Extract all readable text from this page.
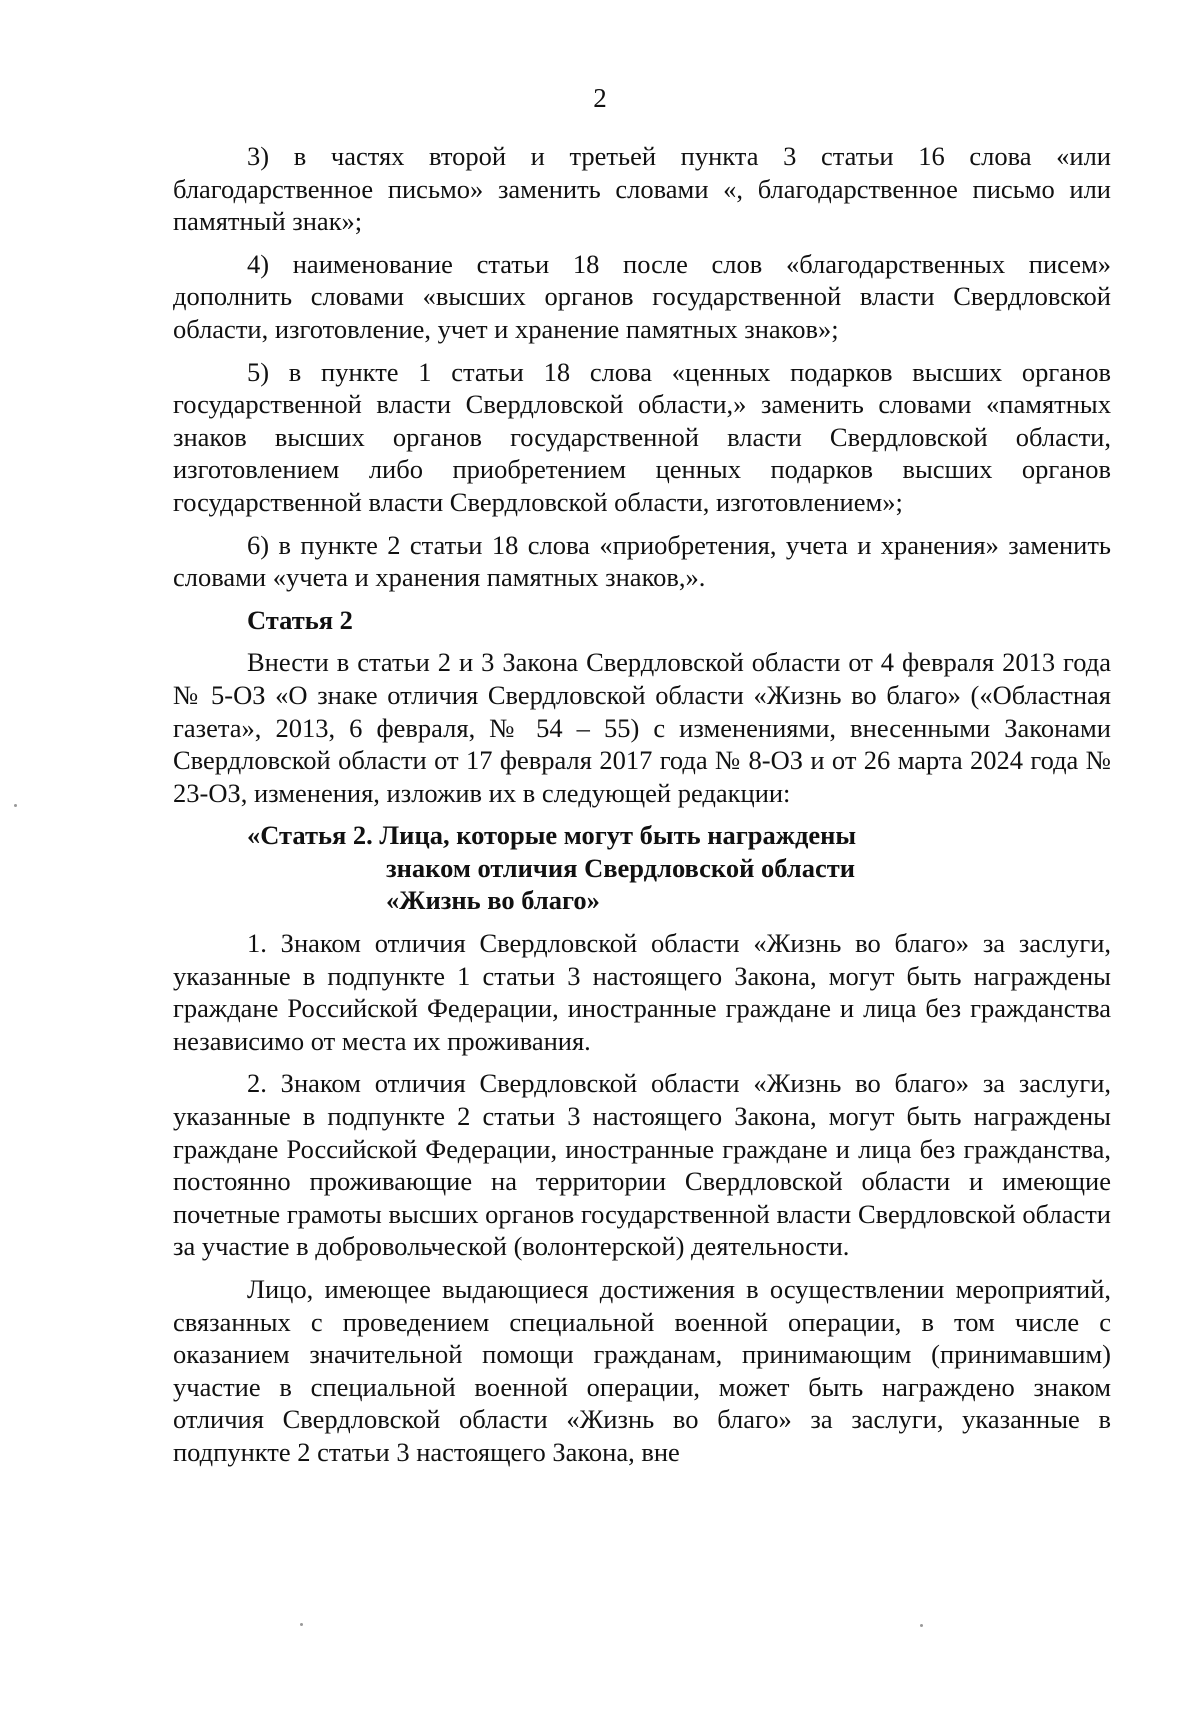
2

3) в частях второй и третьей пункта 3 статьи 16 слова «или благодарственное письмо» заменить словами «, благодарственное письмо или памятный знак»;

4) наименование статьи 18 после слов «благодарственных писем» дополнить словами «высших органов государственной власти Свердловской области, изготовление, учет и хранение памятных знаков»;

5) в пункте 1 статьи 18 слова «ценных подарков высших органов государственной власти Свердловской области,» заменить словами «памятных знаков высших органов государственной власти Свердловской области, изготовлением либо приобретением ценных подарков высших органов государственной власти Свердловской области, изготовлением»;

6) в пункте 2 статьи 18 слова «приобретения, учета и хранения» заменить словами «учета и хранения памятных знаков,».

Статья 2

Внести в статьи 2 и 3 Закона Свердловской области от 4 февраля 2013 года № 5-ОЗ «О знаке отличия Свердловской области «Жизнь во благо» («Областная газета», 2013, 6 февраля, № 54 – 55) с изменениями, внесенными Законами Свердловской области от 17 февраля 2017 года № 8-ОЗ и от 26 марта 2024 года № 23-ОЗ, изменения, изложив их в следующей редакции:

«Статья 2. Лица, которые могут быть награждены
знаком отличия Свердловской области
«Жизнь во благо»

1. Знаком отличия Свердловской области «Жизнь во благо» за заслуги, указанные в подпункте 1 статьи 3 настоящего Закона, могут быть награждены граждане Российской Федерации, иностранные граждане и лица без гражданства независимо от места их проживания.

2. Знаком отличия Свердловской области «Жизнь во благо» за заслуги, указанные в подпункте 2 статьи 3 настоящего Закона, могут быть награждены граждане Российской Федерации, иностранные граждане и лица без гражданства, постоянно проживающие на территории Свердловской области и имеющие почетные грамоты высших органов государственной власти Свердловской области за участие в добровольческой (волонтерской) деятельности.

Лицо, имеющее выдающиеся достижения в осуществлении мероприятий, связанных с проведением специальной военной операции, в том числе с оказанием значительной помощи гражданам, принимающим (принимавшим) участие в специальной военной операции, может быть награждено знаком отличия Свердловской области «Жизнь во благо» за заслуги, указанные в подпункте 2 статьи 3 настоящего Закона, вне
